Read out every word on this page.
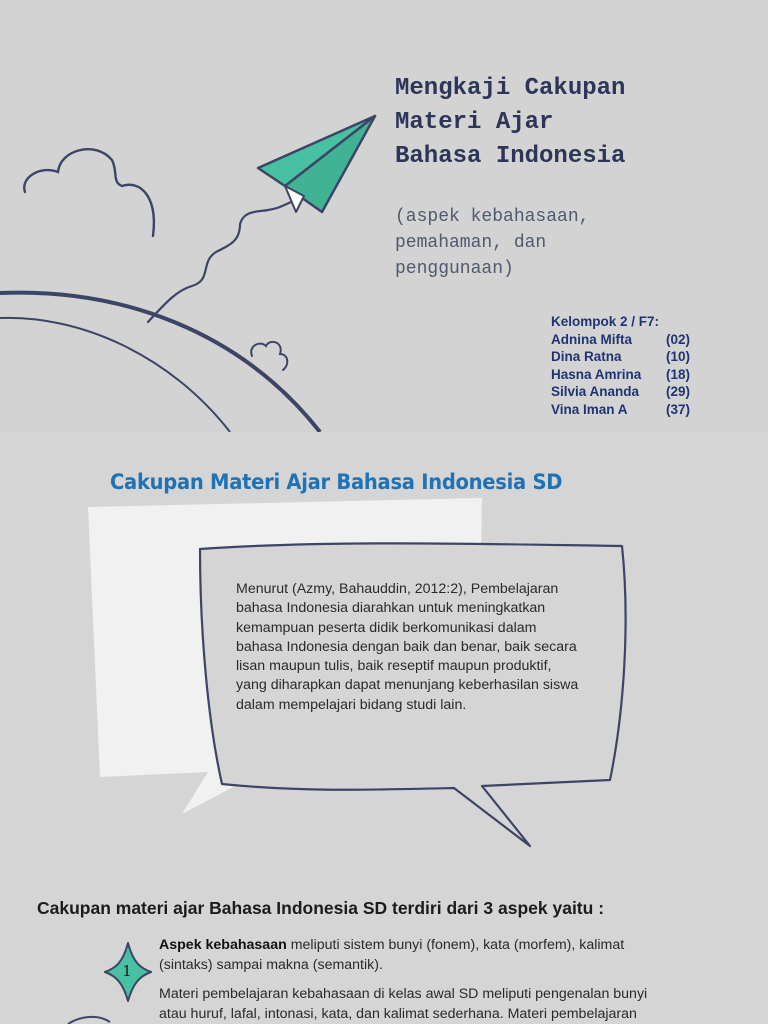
Mengkaji Cakupan
Materi Ajar
Bahasa Indonesia

(aspek kebahasaan,
pemahaman, dan
penggunaan)

Kelompok 2 / F7:
Adnina Mifta	(02)
Dina Ratna	(10)
Hasna Amrina	(18)
Silvia Ananda	(29)
Vina Iman A	(37)
Cakupan Materi Ajar Bahasa Indonesia SD
Menurut (Azmy, Bahauddin, 2012:2), Pembelajaran
bahasa Indonesia diarahkan untuk meningkatkan
kemampuan peserta didik berkomunikasi dalam
bahasa Indonesia dengan baik dan benar, baik secara
lisan maupun tulis, baik reseptif maupun produktif,
yang diharapkan dapat menunjang keberhasilan siswa
dalam mempelajari bidang studi lain.

Cakupan materi ajar Bahasa Indonesia SD terdiri dari 3 aspek yaitu :

1

Aspek kebahasaan meliputi sistem bunyi (fonem), kata (morfem), kalimat
(sintaks) sampai makna (semantik).

Materi pembelajaran kebahasaan di kelas awal SD meliputi pengenalan bunyi
atau huruf, lafal, intonasi, kata, dan kalimat sederhana. Materi pembelajaran
